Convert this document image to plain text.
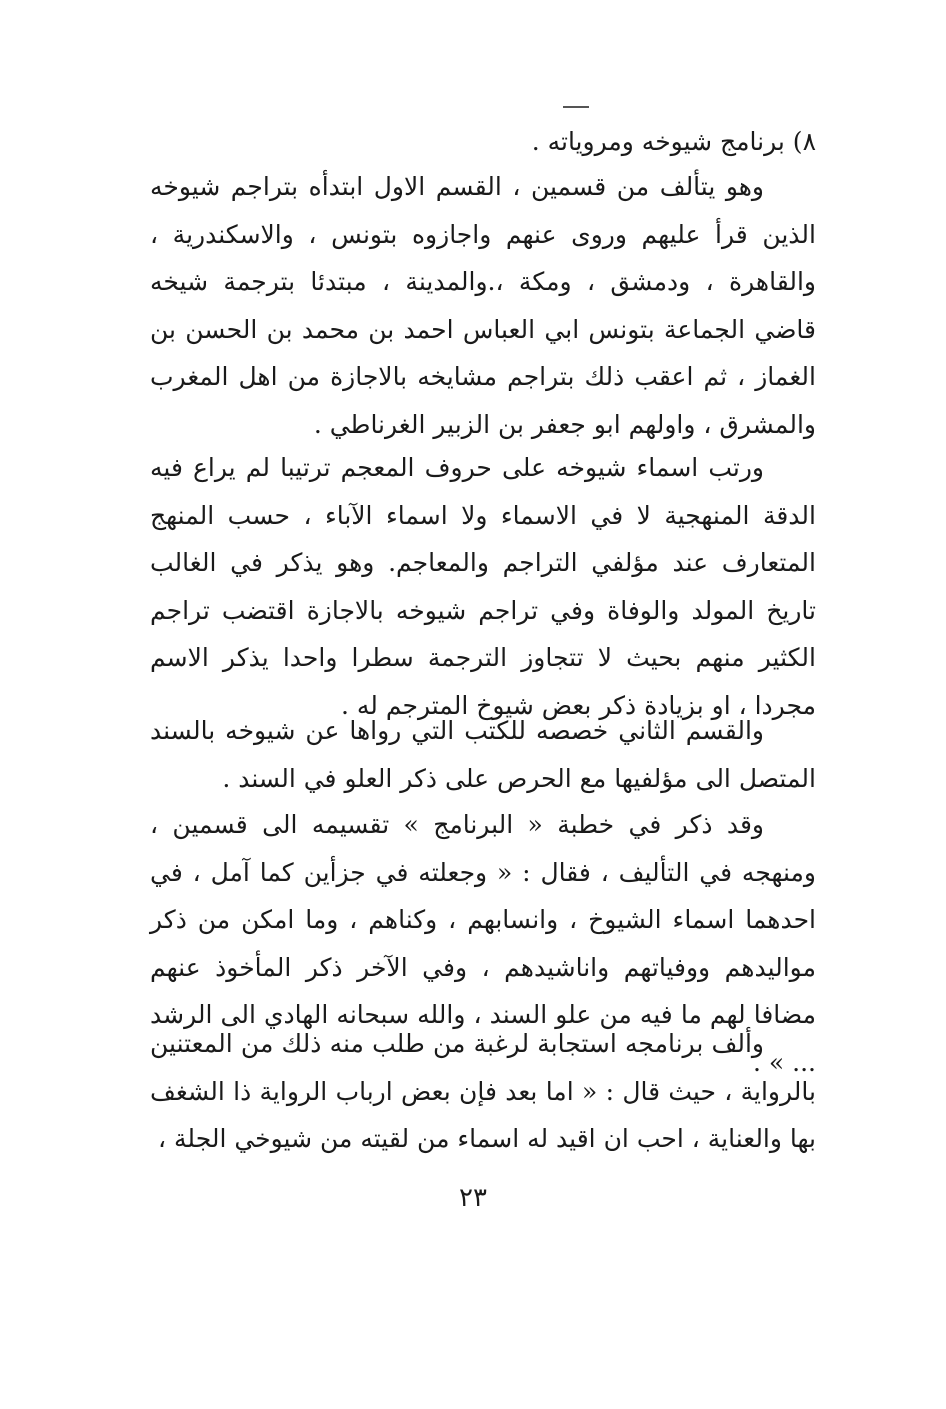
٨) برنامج شيوخه ومروياته .

وهو يتألف من قسمين ، القسم الاول ابتدأه بتراجم شيوخه الذين قرأ عليهم وروى عنهم واجازوه بتونس ، والاسكندرية ، والقاهرة ، ودمشق ، ومكة ،.والمدينة ، مبتدئا بترجمة شيخه قاضي الجماعة بتونس ابي العباس احمد بن محمد بن الحسن بن الغماز ، ثم اعقب ذلك بتراجم مشايخه بالاجازة من اهل المغرب والمشرق ، واولهم ابو جعفر بن الزبير الغرناطي .

ورتب اسماء شيوخه على حروف المعجم ترتيبا لم يراع فيه الدقة المنهجية لا في الاسماء ولا اسماء الآباء ، حسب المنهج المتعارف عند مؤلفي التراجم والمعاجم. وهو يذكر في الغالب تاريخ المولد والوفاة وفي تراجم شيوخه بالاجازة اقتضب تراجم الكثير منهم بحيث لا تتجاوز الترجمة سطرا واحدا يذكر الاسم مجردا ، او بزيادة ذكر بعض شيوخ المترجم له .

والقسم الثاني خصصه للكتب التي رواها عن شيوخه بالسند المتصل الى مؤلفيها مع الحرص على ذكر العلو في السند .

وقد ذكر في خطبة « البرنامج » تقسيمه الى قسمين ، ومنهجه في التأليف ، فقال : « وجعلته في جزأين كما آمل ، في احدهما اسماء الشيوخ ، وانسابهم ، وكناهم ، وما امكن من ذكر مواليدهم ووفياتهم واناشيدهم ، وفي الآخر ذكر المأخوذ عنهم مضافا لهم ما فيه من علو السند ، والله سبحانه الهادي الى الرشد ... » .

وألف برنامجه استجابة لرغبة من طلب منه ذلك من المعتنين بالرواية ، حيث قال : « اما بعد فإن بعض ارباب الرواية ذا الشغف بها والعناية ، احب ان اقيد له اسماء من لقيته من شيوخي الجلة ،

٢٣
